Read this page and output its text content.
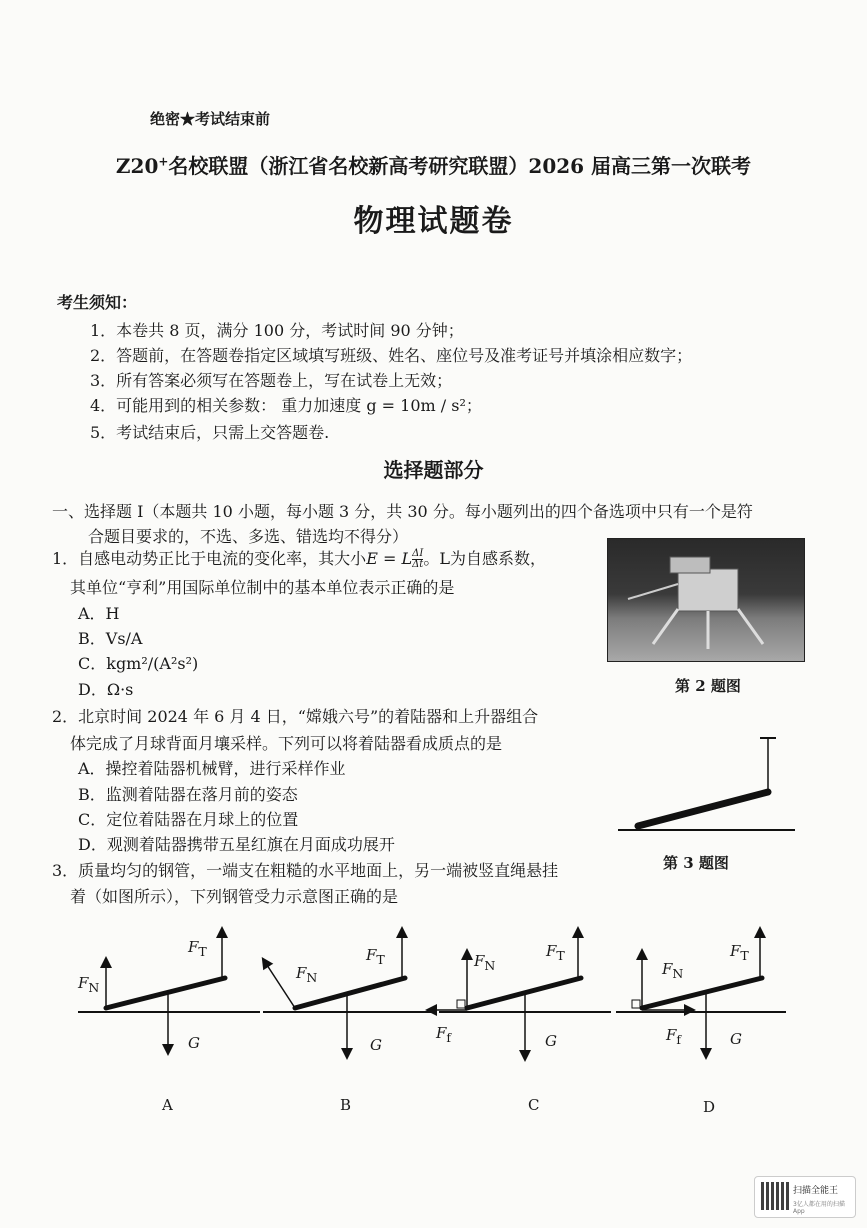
绝密★考试结束前
Z20+名校联盟（浙江省名校新高考研究联盟）2026 届高三第一次联考
物理试题卷
考生须知：
1．本卷共 8 页，满分 100 分，考试时间 90 分钟；
2．答题前，在答题卷指定区域填写班级、姓名、座位号及准考证号并填涂相应数字；
3．所有答案必须写在答题卷上，写在试卷上无效；
4．可能用到的相关参数： 重力加速度 g = 10m / s²；
5．考试结束后，只需上交答题卷.
选择题部分
一、选择题 I（本题共 10 小题，每小题 3 分，共 30 分。每小题列出的四个备选项中只有一个是符
合题目要求的，不选、多选、错选均不得分）
1．自感电动势正比于电流的变化率，其大小E = L $\frac{\Delta I}{\Delta t}$ 。L为自感系数，
其单位“亨利”用国际单位制中的基本单位表示正确的是
A．H
B．Vs/A
C．kgm²/(A²s²)
D．Ω·s	第 2 题图
2．北京时间 2024 年 6 月 4 日，“嫦娥六号”的着陆器和上升器组合
体完成了月球背面月壤采样。下列可以将着陆器看成质点的是
A．操控着陆器机械臂，进行采样作业
B．监测着陆器在落月前的姿态
C．定位着陆器在月球上的位置
D．观测着陆器携带五星红旗在月面成功展开
第 3 题图
3．质量均匀的钢管，一端支在粗糙的水平地面上，另一端被竖直绳悬挂
着（如图所示），下列钢管受力示意图正确的是
$F_T$
$F_N$
G
A
$F_T$
$F_N$
G
B
$F_T$
$F_N$
$F_f$	G
C
$F_T$
$F_N$
$F_f$	G
D
扫描全能王
3亿人都在用的扫描App
